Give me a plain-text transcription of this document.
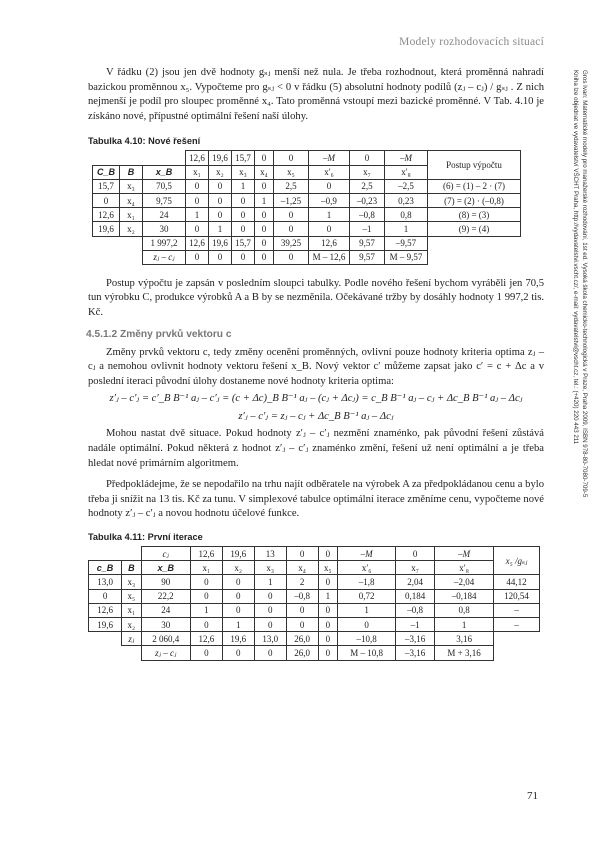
Modely rozhodovacích situací
Gros Ivan: Matematické modely pro manažerské rozhodování, 1st ed. Vysoká škola chemicko-technologická v Praze, Praha 2009, ISBN 978-80-7080-709-5
Kniha lze objednat ve vydavatelství VŠCHT Praha, http://vydavatelstvi.vscht.cz/, e-mail: vydavatelstvi@vscht.cz, tel.: (+420) 220 443 211

V řádku (2) jsou jen dvě hodnoty gₛⱼ menší než nula. Je třeba rozhodnout, která proměnná nahradí bazickou proměnnou x₅. Vypočteme pro gₛⱼ < 0 v řádku (5) absolutní hodnoty podílů (zⱼ – cⱼ) / gₛⱼ . Z nich nejmenší je podíl pro sloupec proměnné x₄. Tato proměnná vstoupí mezi bazické proměnné. V Tab. 4.10 je získáno nové, přípustné optimální řešení naší úlohy.

Tabulka 4.10: Nové řešení
			12,6	19,6	15,7	0	0	–M	0	–M	Postup výpočtu
C_B	B	x_B	x₁	x₂	x₃	x₄	x₅	x′₆	x₇	x′₈	
15,7	x₃	70,5	0	0	1	0	2,5	0	2,5	–2,5	(6) = (1) – 2 · (7)
0	x₄	9,75	0	0	0	1	–1,25	–0,9	–0,23	0,23	(7) = (2) · (–0,8)
12,6	x₁	24	1	0	0	0	0	1	–0,8	0,8	(8) = (3)
19,6	x₂	30	0	1	0	0	0	0	–1	1	(9) = (4)
		1 997,2	12,6	19,6	15,7	0	39,25	12,6	9,57	–9,57	
		zⱼ – cⱼ	0	0	0	0	0	M – 12,6	9,57	M – 9,57	

Postup výpočtu je zapsán v posledním sloupci tabulky. Podle nového řešení bychom vyráběli jen 70,5 tun výrobku C, produkce výrobků A a B by se nezměnila. Očekávané tržby by dosáhly hodnoty 1 997,2 tis. Kč.

4.5.1.2 Změny prvků vektoru c

Změny prvků vektoru c, tedy změny ocenění proměnných, ovlivní pouze hodnoty kriteria optima zⱼ – cⱼ a nemohou ovlivnit hodnoty vektoru řešení x_B. Nový vektor c′ můžeme zapsat jako c′ = c + Δc a v poslední iteraci původní úlohy dostaneme nové hodnoty kriteria optima:

z′ⱼ – c′ⱼ = c′_B B⁻¹ aⱼ – c′ⱼ = (c + Δc)_B B⁻¹ aⱼ – (cⱼ + Δcⱼ) = c_B B⁻¹ aⱼ – cⱼ + Δc_B B⁻¹ aⱼ – Δcⱼ
z′ⱼ – c′ⱼ = zⱼ – cⱼ + Δc_B B⁻¹ aⱼ – Δcⱼ

Mohou nastat dvě situace. Pokud hodnoty z′ⱼ – c′ⱼ nezmění znaménko, pak původní řešení zůstává nadále optimální. Pokud některá z hodnot z′ⱼ – c′ⱼ znaménko změní, řešení už není optimální a je třeba hledat nové primárním algoritmem.

Předpokládejme, že se nepodařilo na trhu najít odběratele na výrobek A za předpokládanou cenu a bylo třeba ji snížit na 13 tis. Kč za tunu. V simplexové tabulce optimální iterace změníme cenu, vypočteme nové hodnoty z′ⱼ – c′ⱼ a novou hodnotu účelové funkce.

Tabulka 4.11: První iterace
		cⱼ	12,6	19,6	13	0	0	–M	0	–M	x₅ /gₛⱼ
c_B	B	x_B	x₁	x₂	x₃	x₄	x₅	x′₆	x₇	x′₈	
13,0	x₃	90	0	0	1	2	0	–1,8	2,04	–2,04	44,12
0	x₅	22,2	0	0	0	–0,8	1	0,72	0,184	–0,184	120,54
12,6	x₁	24	1	0	0	0	0	1	–0,8	0,8	–
19,6	x₂	30	0	1	0	0	0	0	–1	1	–
	zⱼ	2 060,4	12,6	19,6	13,0	26,0	0	–10,8	–3,16	3,16	
		zⱼ – cⱼ	0	0	0	26,0	0	M – 10,8	–3,16	M + 3,16	
71
